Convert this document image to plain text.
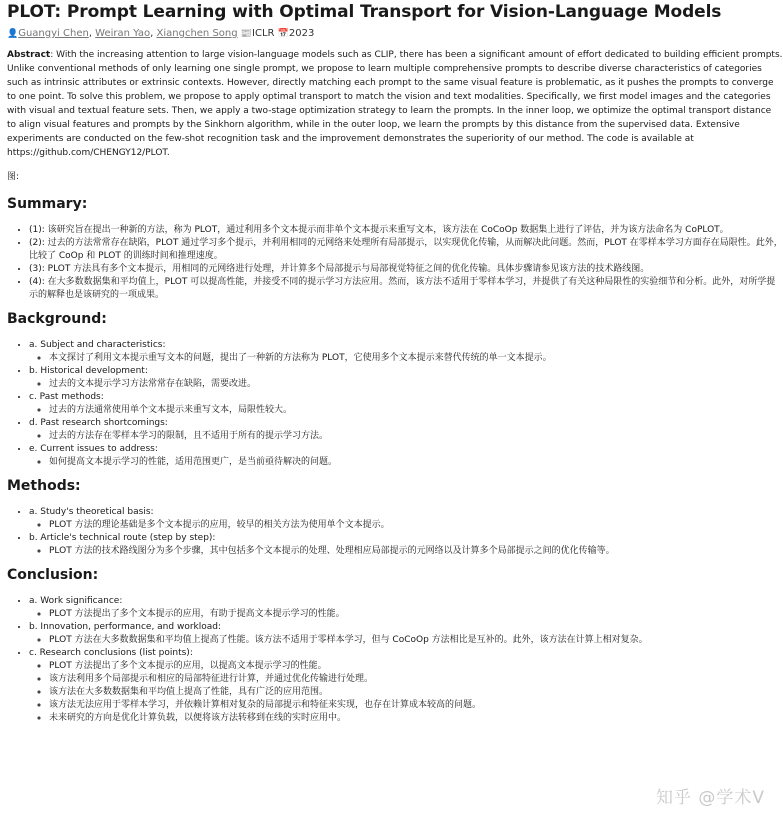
PLOT: Prompt Learning with Optimal Transport for Vision-Language Models
👤Guangyi Chen, Weiran Yao, Xiangchen Song 📰ICLR 📅2023

Abstract: With the increasing attention to large vision-language models such as CLIP, there has been a significant amount of effort dedicated to building efficient prompts. Unlike conventional methods of only learning one single prompt, we propose to learn multiple comprehensive prompts to describe diverse characteristics of categories such as intrinsic attributes or extrinsic contexts. However, directly matching each prompt to the same visual feature is problematic, as it pushes the prompts to converge to one point. To solve this problem, we propose to apply optimal transport to match the vision and text modalities. Specifically, we first model images and the categories with visual and textual feature sets. Then, we apply a two-stage optimization strategy to learn the prompts. In the inner loop, we optimize the optimal transport distance to align visual features and prompts by the Sinkhorn algorithm, while in the outer loop, we learn the prompts by this distance from the supervised data. Extensive experiments are conducted on the few-shot recognition task and the improvement demonstrates the superiority of our method. The code is available at https://github.com/CHENGY12/PLOT.

图:
Summary:
• (1): 该研究旨在提出一种新的方法，称为 PLOT，通过利用多个文本提示而非单个文本提示来重写文本，该方法在 CoCoOp 数据集上进行了评估，并为该方法命名为 CoPLOT。
• (2): 过去的方法常常存在缺陷，PLOT 通过学习多个提示，并利用相同的元网络来处理所有局部提示，以实现优化传输，从而解决此问题。然而，PLOT 在零样本学习方面存在局限性。此外，比较了 CoOp 和 PLOT 的训练时间和推理速度。
• (3): PLOT 方法具有多个文本提示，用相同的元网络进行处理，并计算多个局部提示与局部视觉特征之间的优化传输。具体步骤请参见该方法的技术路线图。
• (4): 在大多数数据集和平均值上，PLOT 可以提高性能，并接受不同的提示学习方法应用。然而，该方法不适用于零样本学习，并提供了有关这种局限性的实验细节和分析。此外，对所学提示的解释也是该研究的一项成果。
Background:
• a. Subject and characteristics:
◦ 本文探讨了利用文本提示重写文本的问题，提出了一种新的方法称为 PLOT，它使用多个文本提示来替代传统的单一文本提示。
• b. Historical development:
◦ 过去的文本提示学习方法常常存在缺陷，需要改进。
• c. Past methods:
◦ 过去的方法通常使用单个文本提示来重写文本，局限性较大。
• d. Past research shortcomings:
◦ 过去的方法存在零样本学习的限制，且不适用于所有的提示学习方法。
• e. Current issues to address:
◦ 如何提高文本提示学习的性能，适用范围更广，是当前亟待解决的问题。
Methods:
• a. Study's theoretical basis:
◦ PLOT 方法的理论基础是多个文本提示的应用，较早的相关方法为使用单个文本提示。
• b. Article's technical route (step by step):
◦ PLOT 方法的技术路线图分为多个步骤，其中包括多个文本提示的处理、处理相应局部提示的元网络以及计算多个局部提示之间的优化传输等。
Conclusion:
• a. Work significance:
◦ PLOT 方法提出了多个文本提示的应用，有助于提高文本提示学习的性能。
• b. Innovation, performance, and workload:
◦ PLOT 方法在大多数数据集和平均值上提高了性能。该方法不适用于零样本学习，但与 CoCoOp 方法相比是互补的。此外，该方法在计算上相对复杂。
• c. Research conclusions (list points):
◦ PLOT 方法提出了多个文本提示的应用，以提高文本提示学习的性能。
◦ 该方法利用多个局部提示和相应的局部特征进行计算，并通过优化传输进行处理。
◦ 该方法在大多数数据集和平均值上提高了性能，具有广泛的应用范围。
◦ 该方法无法应用于零样本学习，并依赖计算相对复杂的局部提示和特征来实现，也存在计算成本较高的问题。
◦ 未来研究的方向是优化计算负载，以便将该方法转移到在线的实时应用中。
知乎 @学术V
